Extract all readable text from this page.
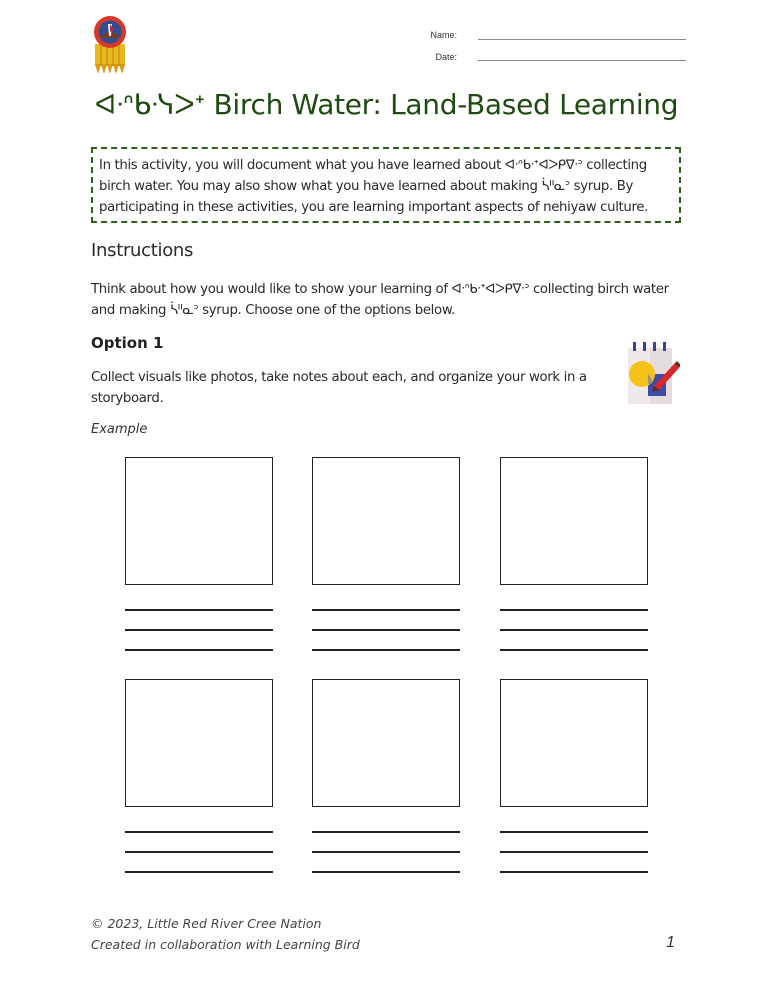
Name:
Date:
ᐊᐧᐢᑲᐧᓭᐳᐩ Birch Water: Land-Based Learning
In this activity, you will document what you have learned about ᐊᐧᐢᑲᐧᐩᐊᐳᑭᐁᐧᐣ collecting birch water. You may also show what you have learned about making ᓵᐦᓇᐣ syrup. By participating in these activities, you are learning important aspects of nehiyaw culture.
Instructions
Think about how you would like to show your learning of ᐊᐧᐢᑲᐧᐩᐊᐳᑭᐁᐧᐣ collecting birch water and making ᓵᐦᓇᐣ syrup. Choose one of the options below.
Option 1
Collect visuals like photos, take notes about each, and organize your work in a storyboard.
Example
© 2023, Little Red River Cree Nation
Created in collaboration with Learning Bird	1
